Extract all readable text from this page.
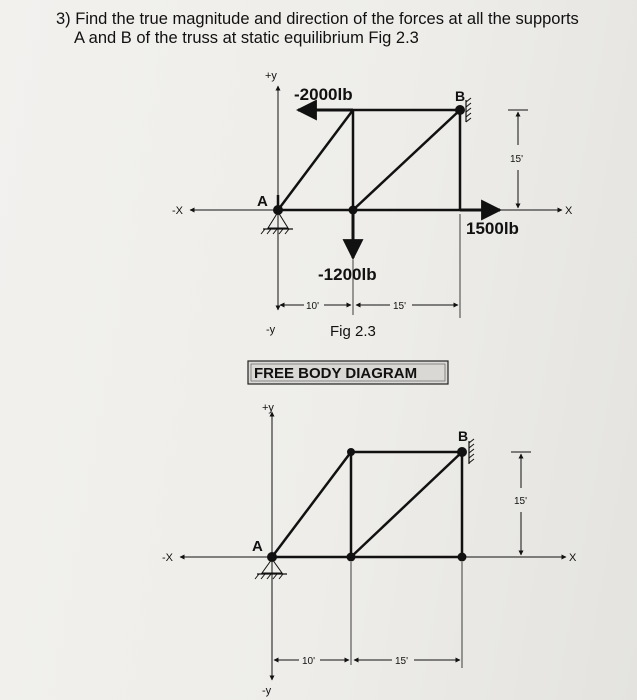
3) Find the true magnitude and direction of the forces at all the supports
A and B of the truss at static equilibrium Fig 2.3
+y
-y
-X	X
A
B
-2000lb
-1200lb
1500lb
15'
10'	15'
Fig 2.3
FREE BODY DIAGRAM
+y
-y
-X	X
A
B
15'
10'	15'
